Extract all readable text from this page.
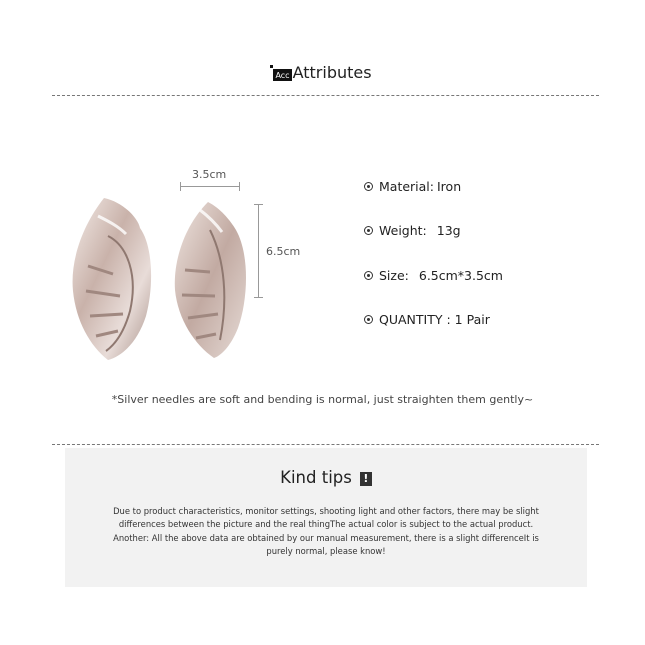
Acc Attributes
3.5cm
6.5cm
Material: Iron
Weight: 13g
Size: 6.5cm*3.5cm
QUANTITY : 1 Pair
*Silver needles are soft and bending is normal, just straighten them gently~
Kind tips !
Due to product characteristics, monitor settings, shooting light and other factors, there may be slight
differences between the picture and the real thingThe actual color is subject to the actual product.
Another: All the above data are obtained by our manual measurement, there is a slight differenceIt is
purely normal, please know!
